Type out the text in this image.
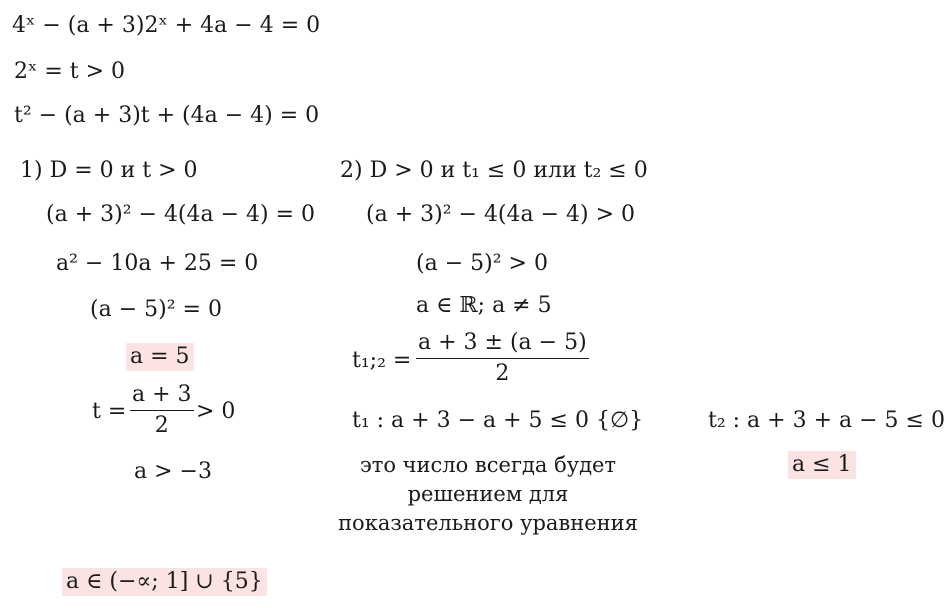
4ˣ − (a + 3)2ˣ + 4a − 4 = 0
2ˣ = t > 0
t² − (a + 3)t + (4a − 4) = 0
1) D = 0 и t > 0
(a + 3)² − 4(4a − 4) = 0
a² − 10a + 25 = 0
(a − 5)² = 0
a = 5
$t = \frac{a + 3}{2} > 0$
a > −3
2) D > 0 и t₁ ≤ 0 или t₂ ≤ 0
(a + 3)² − 4(4a − 4) > 0
(a − 5)² > 0
a ∈ ℝ; a ≠ 5
t₁;₂ = $\frac{a + 3 \pm (a - 5)}{2}$
t₁ : a + 3 − a + 5 ≤ 0 {∅}	t₂ : a + 3 + a − 5 ≤ 0
a ≤ 1
это число всегда будет
решением для
показательного уравнения
a ∈ (−∝; 1] ∪ {5}
